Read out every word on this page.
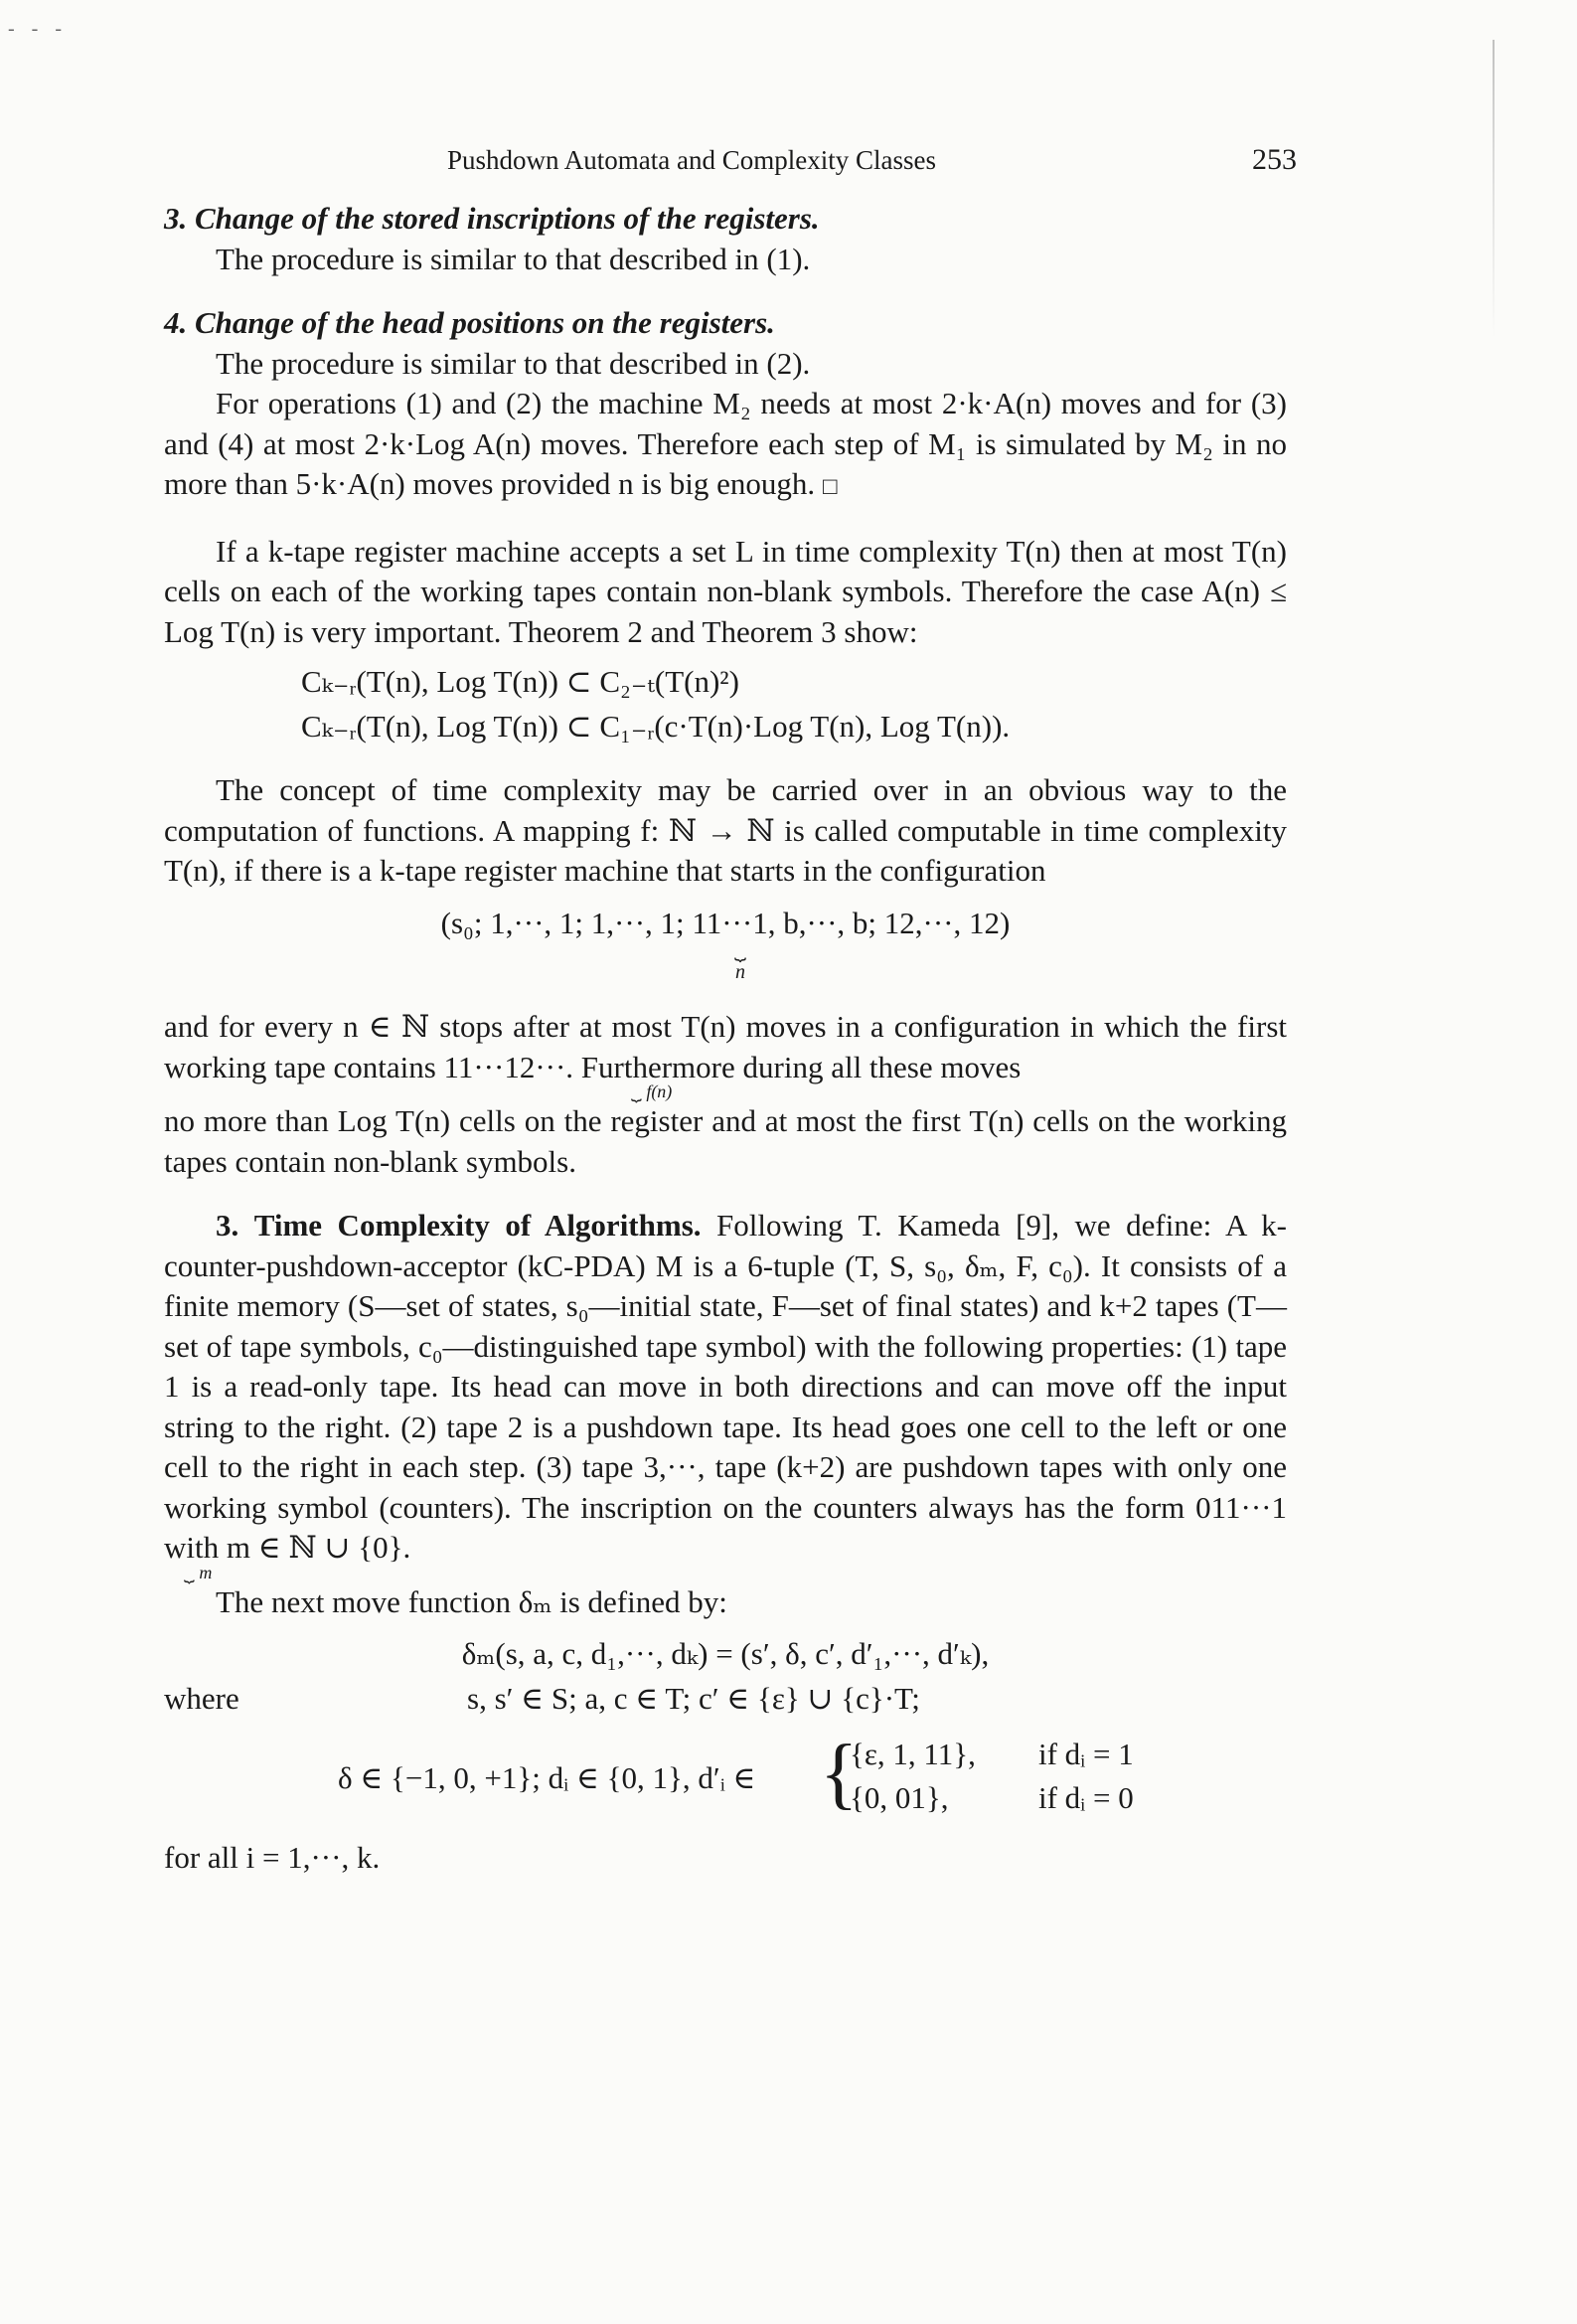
‐ ‐ ‐
Pushdown Automata and Complexity Classes	253

3. Change of the stored inscriptions of the registers.

The procedure is similar to that described in (1).

4. Change of the head positions on the registers.

The procedure is similar to that described in (2).

For operations (1) and (2) the machine M₂ needs at most 2·k·A(n) moves and for (3) and (4) at most 2·k·Log A(n) moves. Therefore each step of M₁ is simulated by M₂ in no more than 5·k·A(n) moves provided n is big enough. □

If a k-tape register machine accepts a set L in time complexity T(n) then at most T(n) cells on each of the working tapes contain non-blank symbols. Therefore the case A(n) ≤ Log T(n) is very important. Theorem 2 and Theorem 3 show:

Cₖ₋ᵣ(T(n), Log T(n)) ⊂ C₂₋ₜ(T(n)²)
Cₖ₋ᵣ(T(n), Log T(n)) ⊂ C₁₋ᵣ(c·T(n)·Log T(n), Log T(n)).

The concept of time complexity may be carried over in an obvious way to the computation of functions. A mapping f: ℕ → ℕ is called computable in time complexity T(n), if there is a k-tape register machine that starts in the configuration

(s₀; 1,···, 1; 1,···, 1; 11···1, b,···, b; 12,···, 12)
⏟
n

and for every n ∈ ℕ stops after at most T(n) moves in a configuration in which the first working tape contains 11···12···. Furthermore during all these moves

⏟ f(n)

no more than Log T(n) cells on the register and at most the first T(n) cells on the working tapes contain non-blank symbols.

3. Time Complexity of Algorithms. Following T. Kameda [9], we define: A k-counter-pushdown-acceptor (kC-PDA) M is a 6-tuple (T, S, s₀, δₘ, F, c₀). It consists of a finite memory (S—set of states, s₀—initial state, F—set of final states) and k+2 tapes (T—set of tape symbols, c₀—distinguished tape symbol) with the following properties: (1) tape 1 is a read-only tape. Its head can move in both directions and can move off the input string to the right. (2) tape 2 is a pushdown tape. Its head goes one cell to the left or one cell to the right in each step. (3) tape 3,···, tape (k+2) are pushdown tapes with only one working symbol (counters). The inscription on the counters always has the form 011···1 with m ∈ ℕ ∪ {0}.

⏟ m

The next move function δₘ is defined by:

δₘ(s, a, c, d₁,···, dₖ) = (s′, δ, c′, d′₁,···, d′ₖ),
where	s, s′ ∈ S; a, c ∈ T; c′ ∈ {ε} ∪ {c}·T;
δ ∈ {−1, 0, +1}; dᵢ ∈ {0, 1}, d′ᵢ ∈ {
{ε, 1, 11}, if dᵢ = 1
{0, 01},	if dᵢ = 0

for all i = 1,···, k.
